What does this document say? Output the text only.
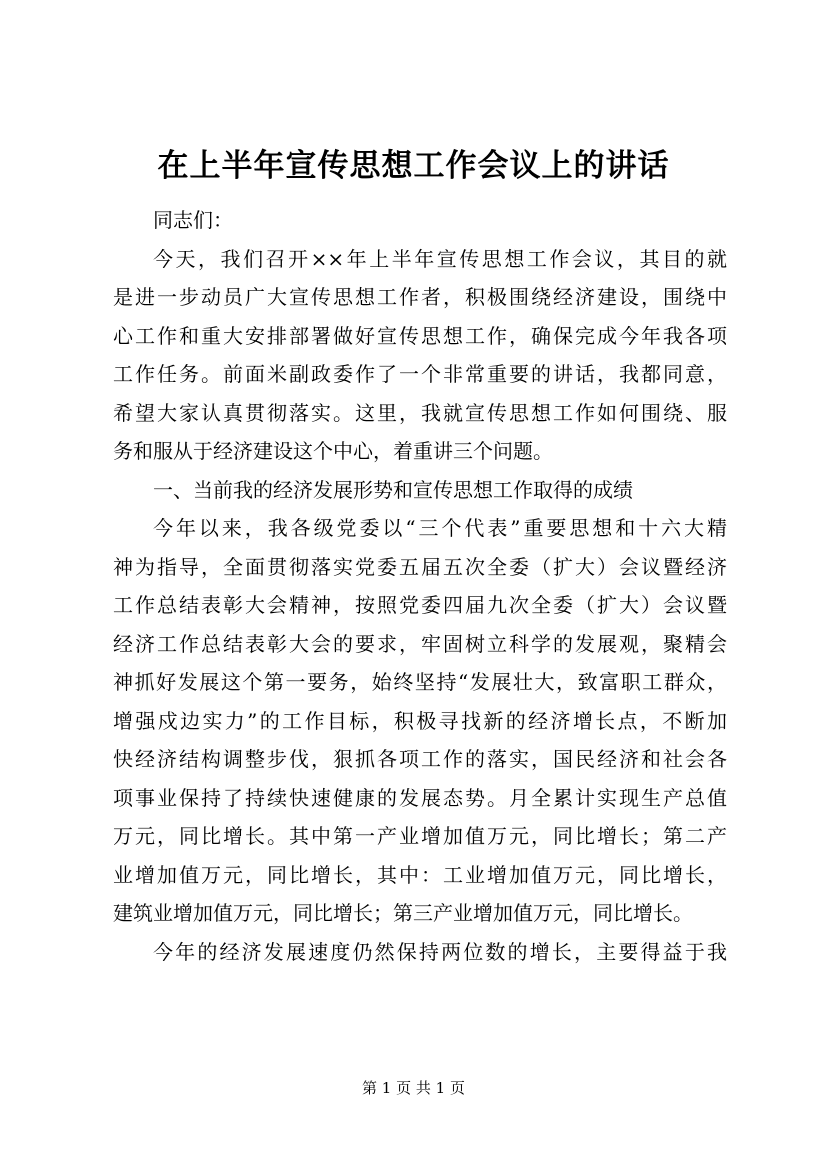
在上半年宣传思想工作会议上的讲话
同志们：
今天，我们召开××年上半年宣传思想工作会议，其目的就
是进一步动员广大宣传思想工作者，积极围绕经济建设，围绕中
心工作和重大安排部署做好宣传思想工作，确保完成今年我各项
工作任务。前面米副政委作了一个非常重要的讲话，我都同意，
希望大家认真贯彻落实。这里，我就宣传思想工作如何围绕、服
务和服从于经济建设这个中心，着重讲三个问题。
一、当前我的经济发展形势和宣传思想工作取得的成绩
今年以来，我各级党委以“三个代表”重要思想和十六大精
神为指导，全面贯彻落实党委五届五次全委（扩大）会议暨经济
工作总结表彰大会精神，按照党委四届九次全委（扩大）会议暨
经济工作总结表彰大会的要求，牢固树立科学的发展观，聚精会
神抓好发展这个第一要务，始终坚持“发展壮大，致富职工群众，
增强戍边实力”的工作目标，积极寻找新的经济增长点，不断加
快经济结构调整步伐，狠抓各项工作的落实，国民经济和社会各
项事业保持了持续快速健康的发展态势。月全累计实现生产总值
万元，同比增长。其中第一产业增加值万元，同比增长；第二产
业增加值万元，同比增长，其中：工业增加值万元，同比增长，
建筑业增加值万元，同比增长；第三产业增加值万元，同比增长。
今年的经济发展速度仍然保持两位数的增长，主要得益于我
第 1 页 共 1 页
